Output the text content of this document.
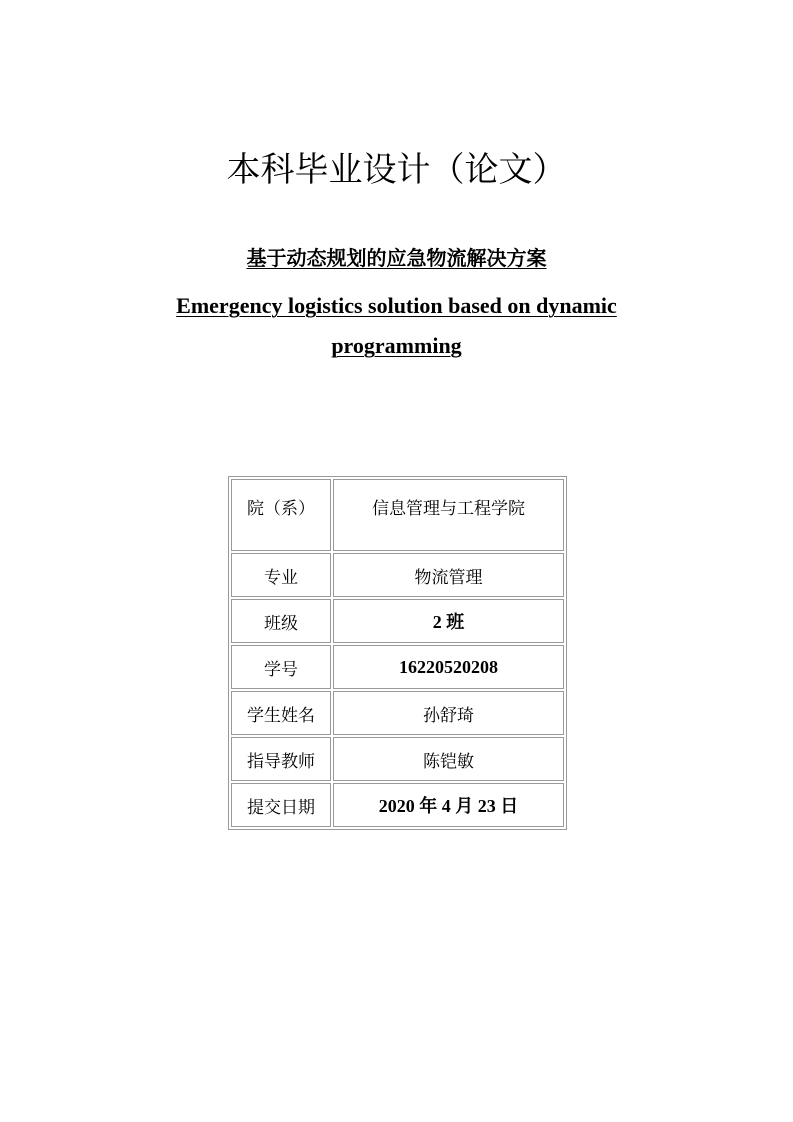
本科毕业设计（论文）
基于动态规划的应急物流解决方案
Emergency logistics solution based on dynamic programming
院（系）	信息管理与工程学院
专业	物流管理
班级	2 班
学号	16220520208
学生姓名	孙舒琦
指导教师	陈铠敏
提交日期	2020 年 4 月 23 日
